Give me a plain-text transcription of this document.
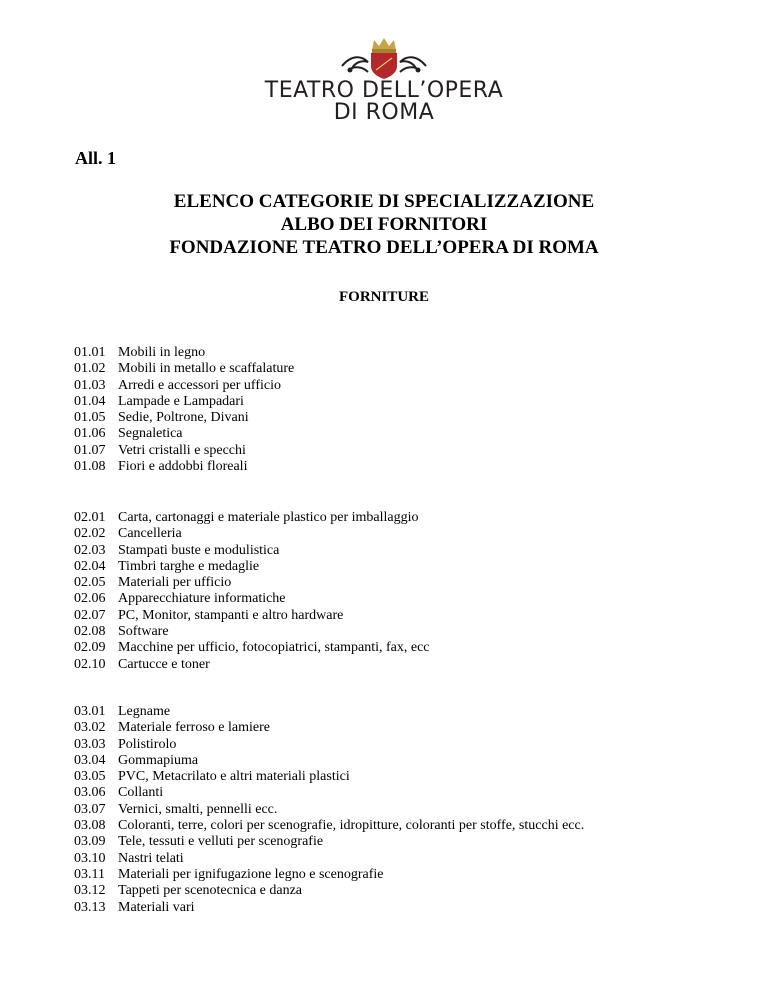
TEATRO DELL’OPERA
DI ROMA
All. 1
ELENCO CATEGORIE DI SPECIALIZZAZIONE
ALBO DEI FORNITORI
FONDAZIONE TEATRO DELL’OPERA DI ROMA
FORNITURE
01.01 Mobili in legno
01.02 Mobili in metallo e scaffalature
01.03 Arredi e accessori per ufficio
01.04 Lampade e Lampadari
01.05 Sedie, Poltrone, Divani
01.06 Segnaletica
01.07 Vetri cristalli e specchi
01.08 Fiori e addobbi floreali
02.01 Carta, cartonaggi e materiale plastico per imballaggio
02.02 Cancelleria
02.03 Stampati buste e modulistica
02.04 Timbri targhe e medaglie
02.05 Materiali per ufficio
02.06 Apparecchiature informatiche
02.07 PC, Monitor, stampanti e altro hardware
02.08 Software
02.09 Macchine per ufficio, fotocopiatrici, stampanti, fax, ecc
02.10 Cartucce e toner
03.01 Legname
03.02 Materiale ferroso e lamiere
03.03 Polistirolo
03.04 Gommapiuma
03.05 PVC, Metacrilato e altri materiali plastici
03.06 Collanti
03.07 Vernici, smalti, pennelli ecc.
03.08 Coloranti, terre, colori per scenografie, idropitture, coloranti per stoffe, stucchi ecc.
03.09 Tele, tessuti e velluti per scenografie
03.10 Nastri telati
03.11 Materiali per ignifugazione legno e scenografie
03.12 Tappeti per scenotecnica e danza
03.13 Materiali vari
